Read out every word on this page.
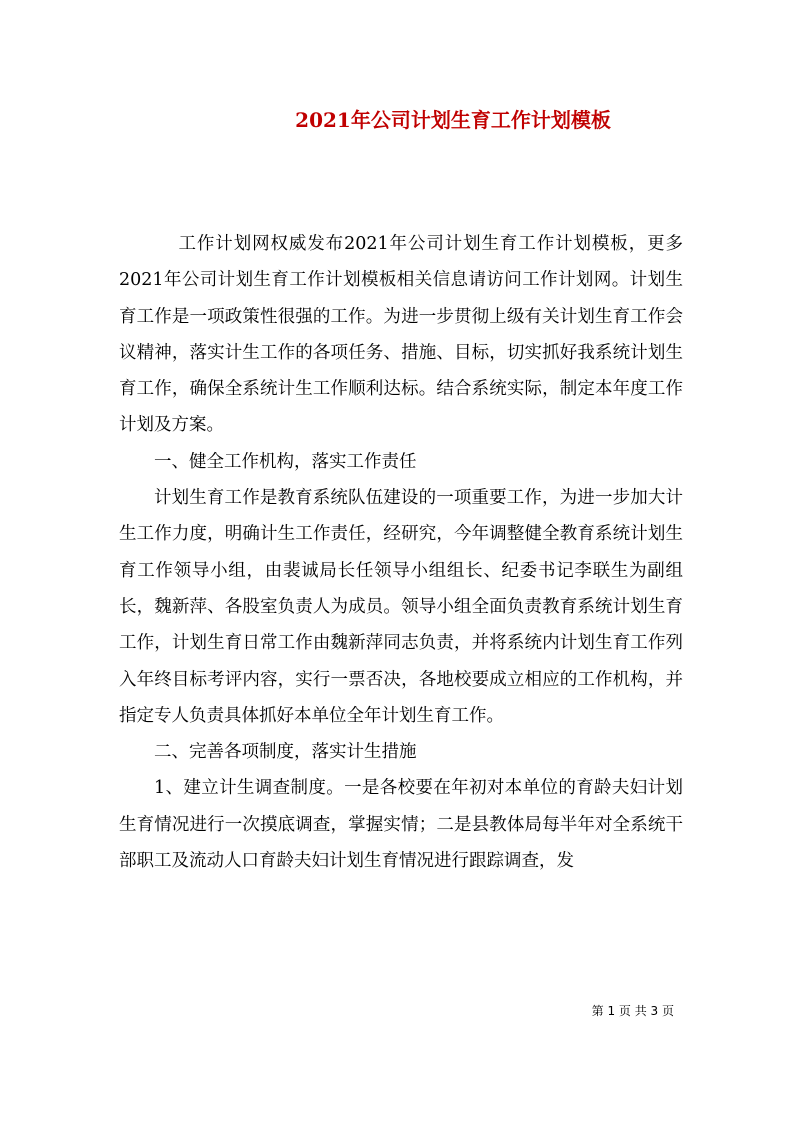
2021年公司计划生育工作计划模板

工作计划网权威发布2021年公司计划生育工作计划模板，更多2021年公司计划生育工作计划模板相关信息请访问工作计划网。计划生育工作是一项政策性很强的工作。为进一步贯彻上级有关计划生育工作会议精神，落实计生工作的各项任务、措施、目标，切实抓好我系统计划生育工作，确保全系统计生工作顺利达标。结合系统实际，制定本年度工作计划及方案。

一、健全工作机构，落实工作责任

计划生育工作是教育系统队伍建设的一项重要工作，为进一步加大计生工作力度，明确计生工作责任，经研究，今年调整健全教育系统计划生育工作领导小组，由裴诚局长任领导小组组长、纪委书记李联生为副组长，魏新萍、各股室负责人为成员。领导小组全面负责教育系统计划生育工作，计划生育日常工作由魏新萍同志负责，并将系统内计划生育工作列入年终目标考评内容，实行一票否决，各地校要成立相应的工作机构，并指定专人负责具体抓好本单位全年计划生育工作。

二、完善各项制度，落实计生措施

1、建立计生调查制度。一是各校要在年初对本单位的育龄夫妇计划生育情况进行一次摸底调查，掌握实情；二是县教体局每半年对全系统干部职工及流动人口育龄夫妇计划生育情况进行跟踪调查，发

第 1 页 共 3 页
